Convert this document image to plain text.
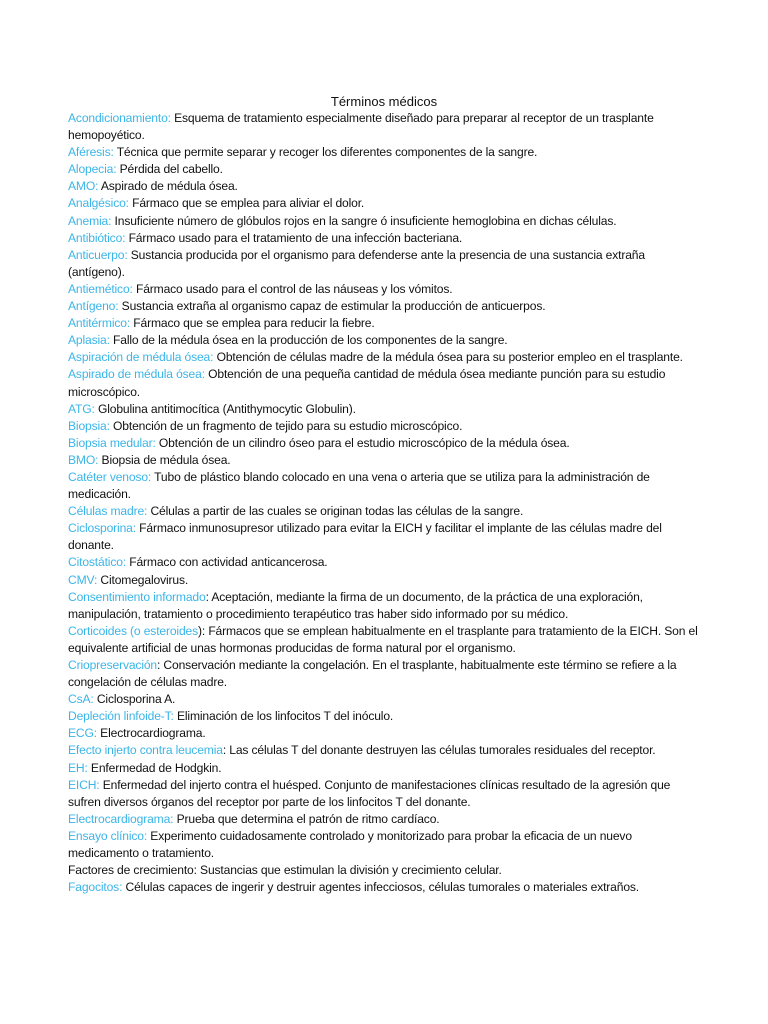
Términos médicos
Acondicionamiento: Esquema de tratamiento especialmente diseñado para preparar al receptor de un trasplante hemopoyético.
Aféresis: Técnica que permite separar y recoger los diferentes componentes de la sangre.
Alopecia: Pérdida del cabello.
AMO: Aspirado de médula ósea.
Analgésico: Fármaco que se emplea para aliviar el dolor.
Anemia: Insuficiente número de glóbulos rojos en la sangre ó insuficiente hemoglobina en dichas células.
Antibiótico: Fármaco usado para el tratamiento de una infección bacteriana.
Anticuerpo: Sustancia producida por el organismo para defenderse ante la presencia de una sustancia extraña (antígeno).
Antiemético: Fármaco usado para el control de las náuseas y los vómitos.
Antígeno: Sustancia extraña al organismo capaz de estimular la producción de anticuerpos.
Antitérmico: Fármaco que se emplea para reducir la fiebre.
Aplasia: Fallo de la médula ósea en la producción de los componentes de la sangre.
Aspiración de médula ósea: Obtención de células madre de la médula ósea para su posterior empleo en el trasplante.
Aspirado de médula ósea: Obtención de una pequeña cantidad de médula ósea mediante punción para su estudio microscópico.
ATG: Globulina antitimocítica (Antithymocytic Globulin).
Biopsia: Obtención de un fragmento de tejido para su estudio microscópico.
Biopsia medular: Obtención de un cilindro óseo para el estudio microscópico de la médula ósea.
BMO: Biopsia de médula ósea.
Catéter venoso: Tubo de plástico blando colocado en una vena o arteria que se utiliza para la administración de medicación.
Células madre: Células a partir de las cuales se originan todas las células de la sangre.
Ciclosporina: Fármaco inmunosupresor utilizado para evitar la EICH y facilitar el implante de las células madre del donante.
Citostático: Fármaco con actividad anticancerosa.
CMV: Citomegalovirus.
Consentimiento informado: Aceptación, mediante la firma de un documento, de la práctica de una exploración, manipulación, tratamiento o procedimiento terapéutico tras haber sido informado por su médico.
Corticoides (o esteroides): Fármacos que se emplean habitualmente en el trasplante para tratamiento de la EICH. Son el equivalente artificial de unas hormonas producidas de forma natural por el organismo.
Criopreservación: Conservación mediante la congelación. En el trasplante, habitualmente este término se refiere a la congelación de células madre.
CsA: Ciclosporina A.
Depleción linfoide-T: Eliminación de los linfocitos T del inóculo.
ECG: Electrocardiograma.
Efecto injerto contra leucemia: Las células T del donante destruyen las células tumorales residuales del receptor.
EH: Enfermedad de Hodgkin.
EICH: Enfermedad del injerto contra el huésped. Conjunto de manifestaciones clínicas resultado de la agresión que sufren diversos órganos del receptor por parte de los linfocitos T del donante.
Electrocardiograma: Prueba que determina el patrón de ritmo cardíaco.
Ensayo clínico: Experimento cuidadosamente controlado y monitorizado para probar la eficacia de un nuevo medicamento o tratamiento.
Factores de crecimiento: Sustancias que estimulan la división y crecimiento celular.
Fagocitos: Células capaces de ingerir y destruir agentes infecciosos, células tumorales o materiales extraños.
